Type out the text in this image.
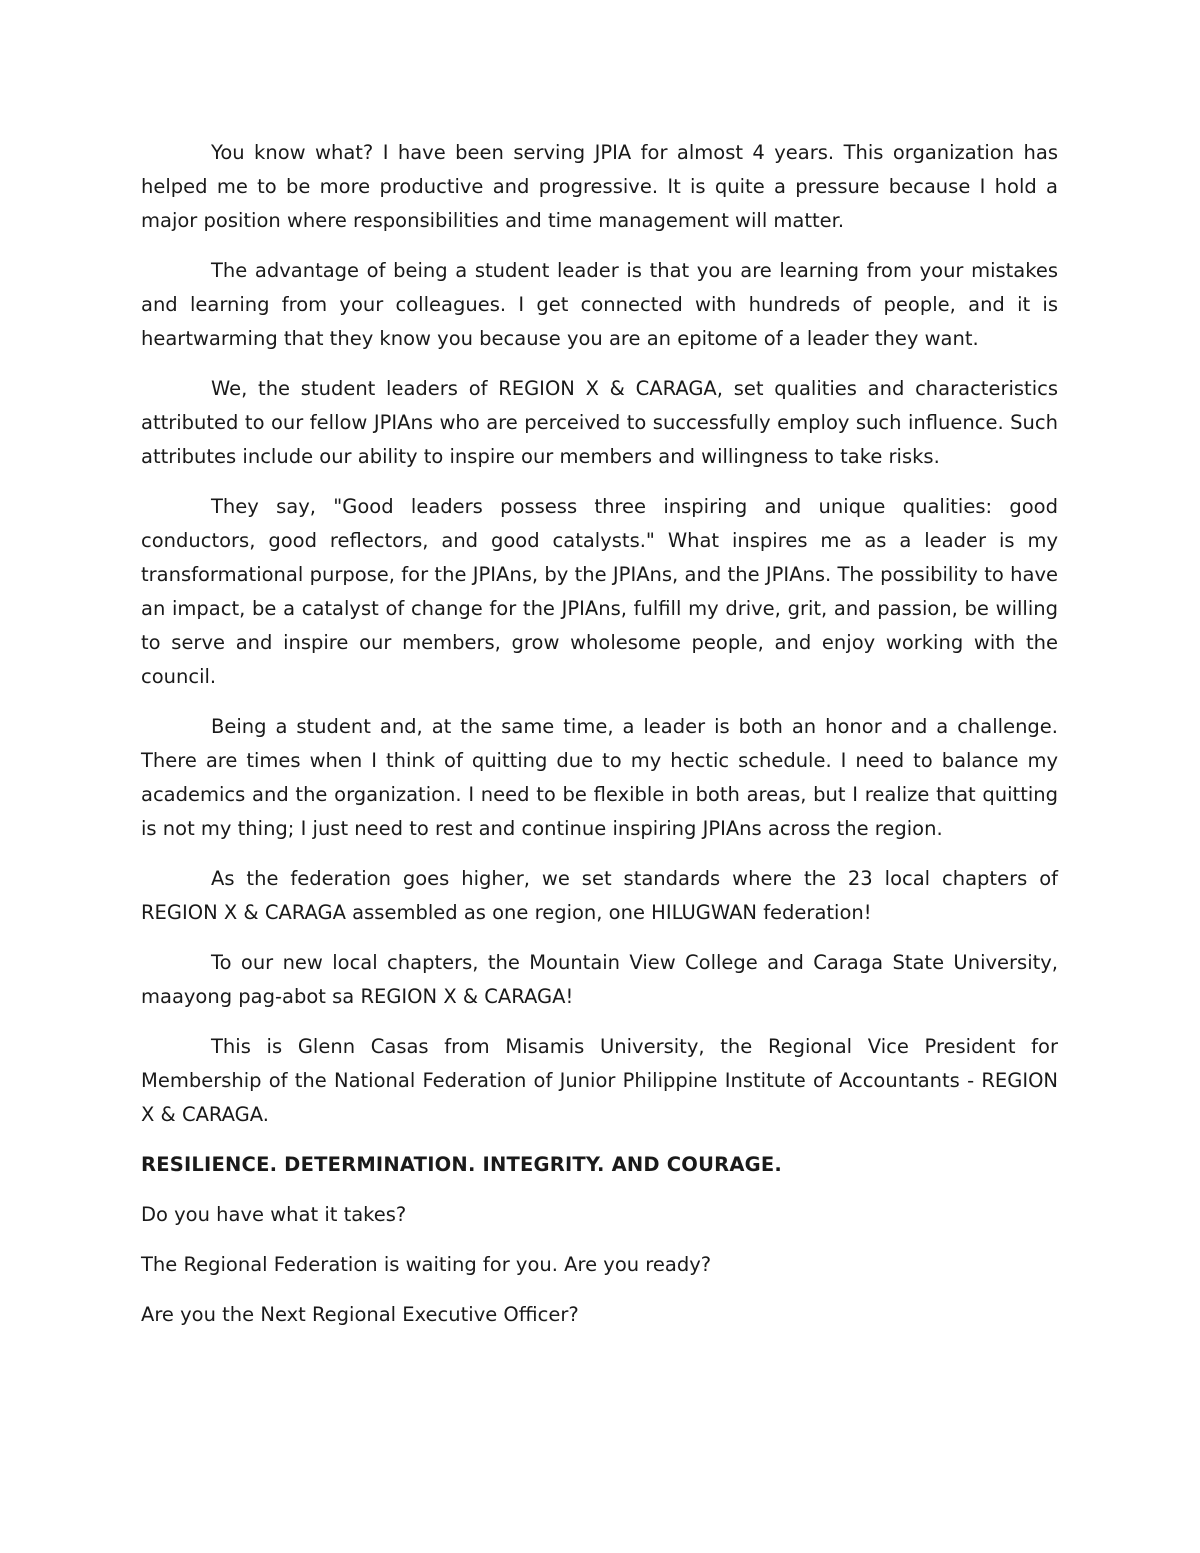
You know what? I have been serving JPIA for almost 4 years. This organization has helped me to be more productive and progressive. It is quite a pressure because I hold a major position where responsibilities and time management will matter.

The advantage of being a student leader is that you are learning from your mistakes and learning from your colleagues. I get connected with hundreds of people, and it is heartwarming that they know you because you are an epitome of a leader they want.

We, the student leaders of REGION X & CARAGA, set qualities and characteristics attributed to our fellow JPIAns who are perceived to successfully employ such influence. Such attributes include our ability to inspire our members and willingness to take risks.

They say, "Good leaders possess three inspiring and unique qualities: good conductors, good reflectors, and good catalysts." What inspires me as a leader is my transformational purpose, for the JPIAns, by the JPIAns, and the JPIAns. The possibility to have an impact, be a catalyst of change for the JPIAns, fulfill my drive, grit, and passion, be willing to serve and inspire our members, grow wholesome people, and enjoy working with the council.

Being a student and, at the same time, a leader is both an honor and a challenge. There are times when I think of quitting due to my hectic schedule. I need to balance my academics and the organization. I need to be flexible in both areas, but I realize that quitting is not my thing; I just need to rest and continue inspiring JPIAns across the region.

As the federation goes higher, we set standards where the 23 local chapters of REGION X & CARAGA assembled as one region, one HILUGWAN federation!

To our new local chapters, the Mountain View College and Caraga State University, maayong pag-abot sa REGION X & CARAGA!

This is Glenn Casas from Misamis University, the Regional Vice President for Membership of the National Federation of Junior Philippine Institute of Accountants - REGION X & CARAGA.

RESILIENCE. DETERMINATION. INTEGRITY. AND COURAGE.

Do you have what it takes?

The Regional Federation is waiting for you. Are you ready?

Are you the Next Regional Executive Officer?
